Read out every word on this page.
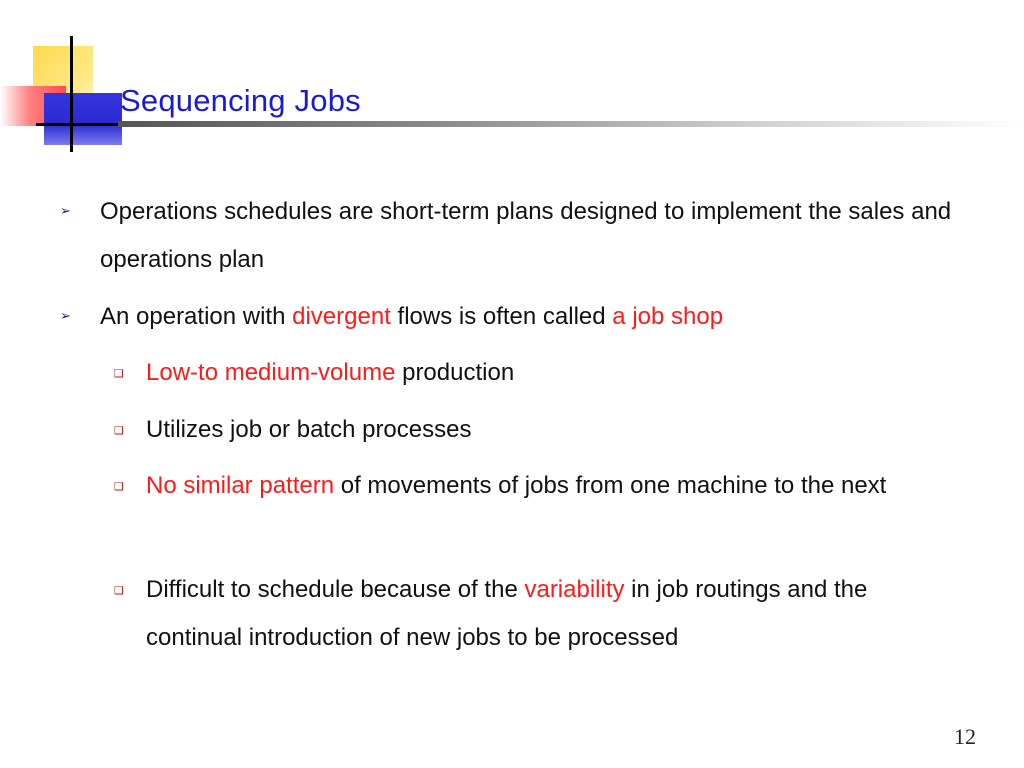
Sequencing Jobs
➢ Operations schedules are short-term plans designed to implement the sales and operations plan
➢ An operation with divergent flows is often called a job shop
❏ Low-to medium-volume production
❏ Utilizes job or batch processes
❏ No similar pattern of movements of jobs from one machine to the next
❏ Difficult to schedule because of the variability in job routings and the continual introduction of new jobs to be processed
12
